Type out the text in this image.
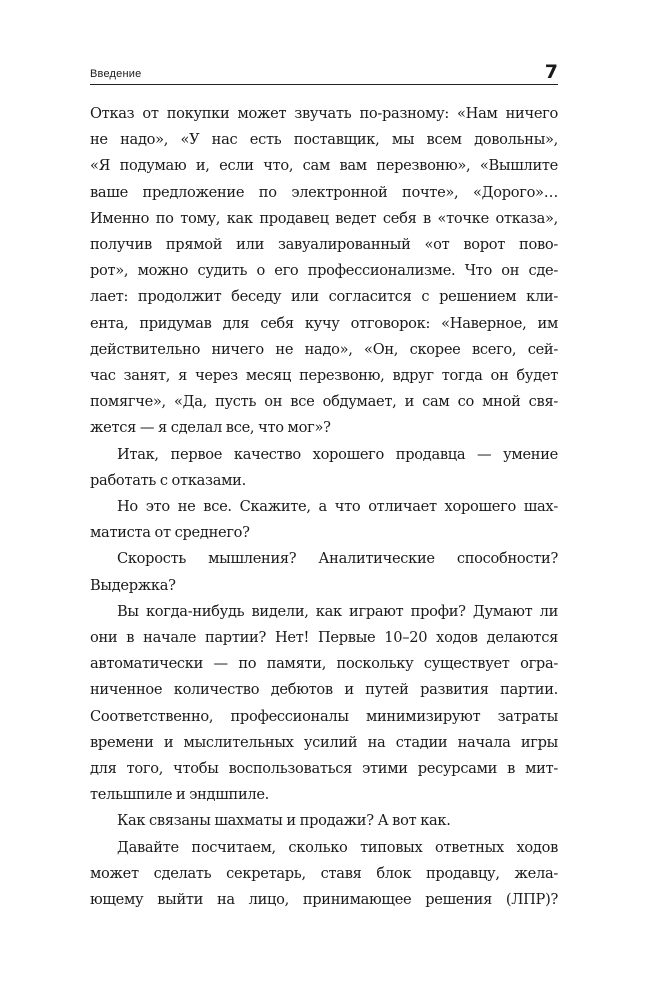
Введение	7
Отказ от покупки может звучать по-разному: «Нам ничего
не надо», «У нас есть поставщик, мы всем довольны»,
«Я подумаю и, если что, сам вам перезвоню», «Вышлите
ваше предложение по электронной почте», «Дорого»…
Именно по тому, как продавец ведет себя в «точке отказа»,
получив прямой или завуалированный «от ворот пово-
рот», можно судить о его профессионализме. Что он сде-
лает: продолжит беседу или согласится с решением кли-
ента, придумав для себя кучу отговорок: «Наверное, им
действительно ничего не надо», «Он, скорее всего, сей-
час занят, я через месяц перезвоню, вдруг тогда он будет
помягче», «Да, пусть он все обдумает, и сам со мной свя-
жется — я сделал все, что мог»?
Итак, первое качество хорошего продавца — умение
работать с отказами.
Но это не все. Скажите, а что отличает хорошего шах-
матиста от среднего?
Скорость мышления? Аналитические способности?
Выдержка?
Вы когда-нибудь видели, как играют профи? Думают ли
они в начале партии? Нет! Первые 10–20 ходов делаются
автоматически — по памяти, поскольку существует огра-
ниченное количество дебютов и путей развития партии.
Соответственно, профессионалы минимизируют затраты
времени и мыслительных усилий на стадии начала игры
для того, чтобы воспользоваться этими ресурсами в мит-
тельшпиле и эндшпиле.
Как связаны шахматы и продажи? А вот как.
Давайте посчитаем, сколько типовых ответных ходов
может сделать секретарь, ставя блок продавцу, жела-
ющему выйти на лицо, принимающее решения (ЛПР)?
